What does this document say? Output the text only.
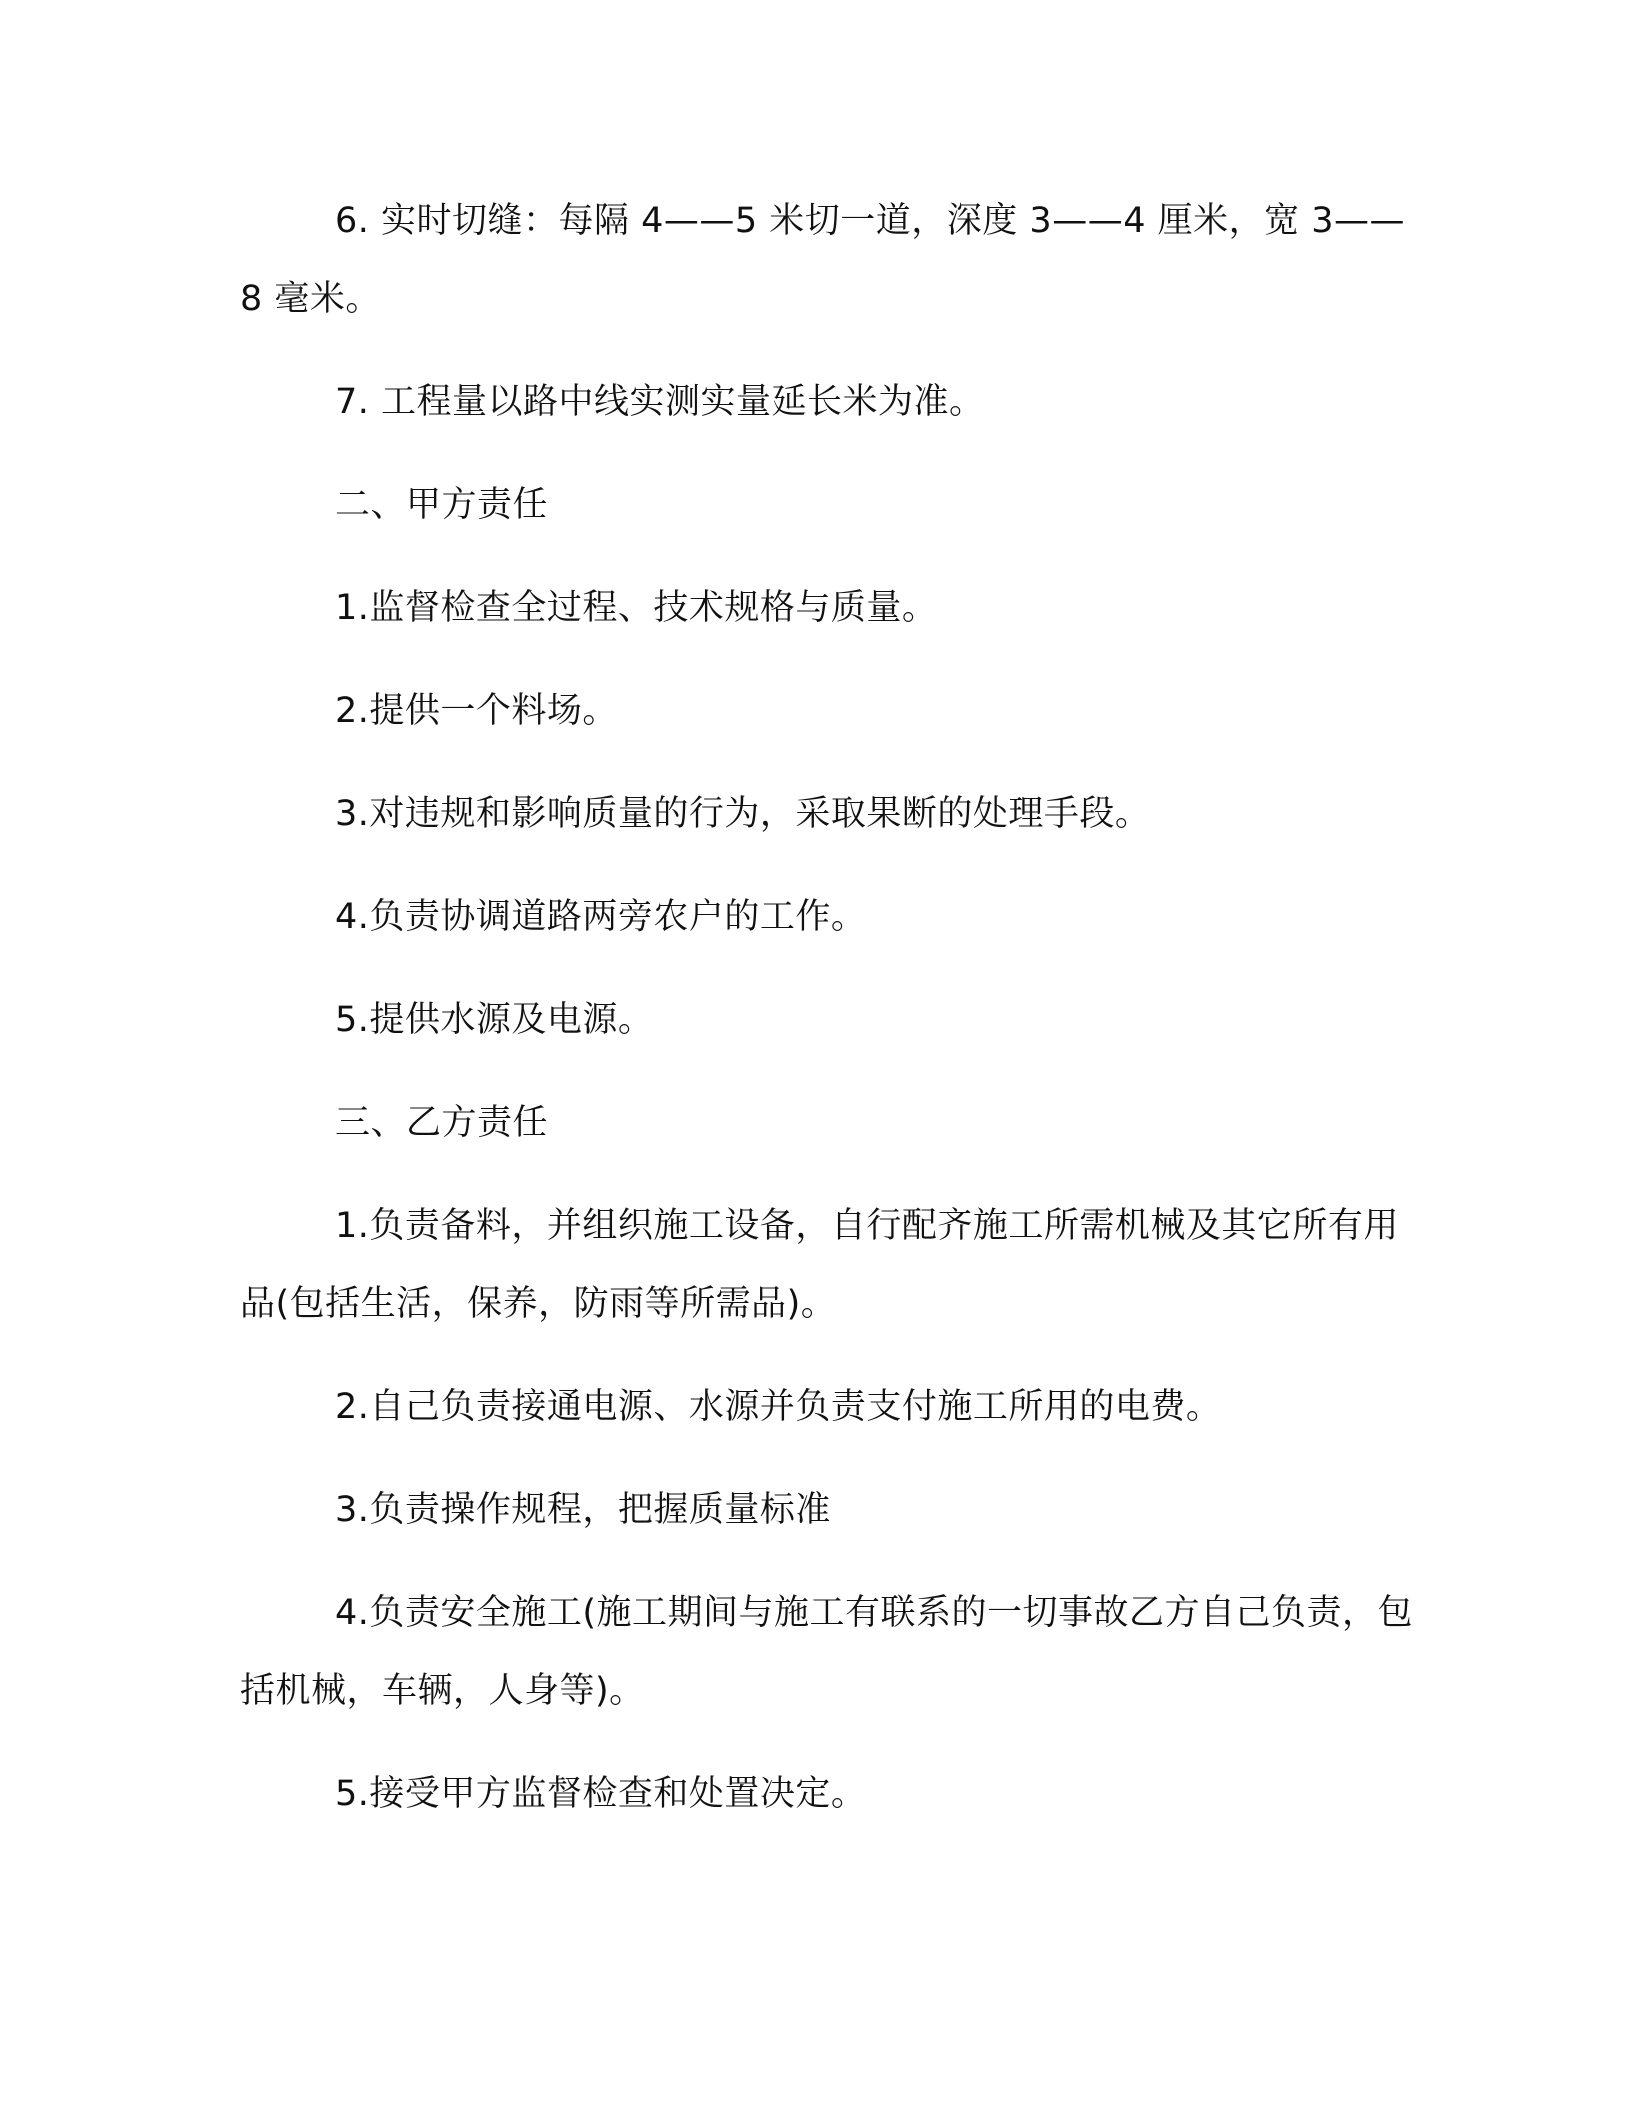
6. 实时切缝：每隔 4——5 米切一道，深度 3——4 厘米，宽 3——8 毫米。

7. 工程量以路中线实测实量延长米为准。

二、甲方责任

1.监督检查全过程、技术规格与质量。

2.提供一个料场。

3.对违规和影响质量的行为，采取果断的处理手段。

4.负责协调道路两旁农户的工作。

5.提供水源及电源。

三、乙方责任

1.负责备料，并组织施工设备，自行配齐施工所需机械及其它所有用品(包括生活，保养，防雨等所需品)。

2.自己负责接通电源、水源并负责支付施工所用的电费。

3.负责操作规程，把握质量标准

4.负责安全施工(施工期间与施工有联系的一切事故乙方自己负责，包括机械，车辆，人身等)。

5.接受甲方监督检查和处置决定。
